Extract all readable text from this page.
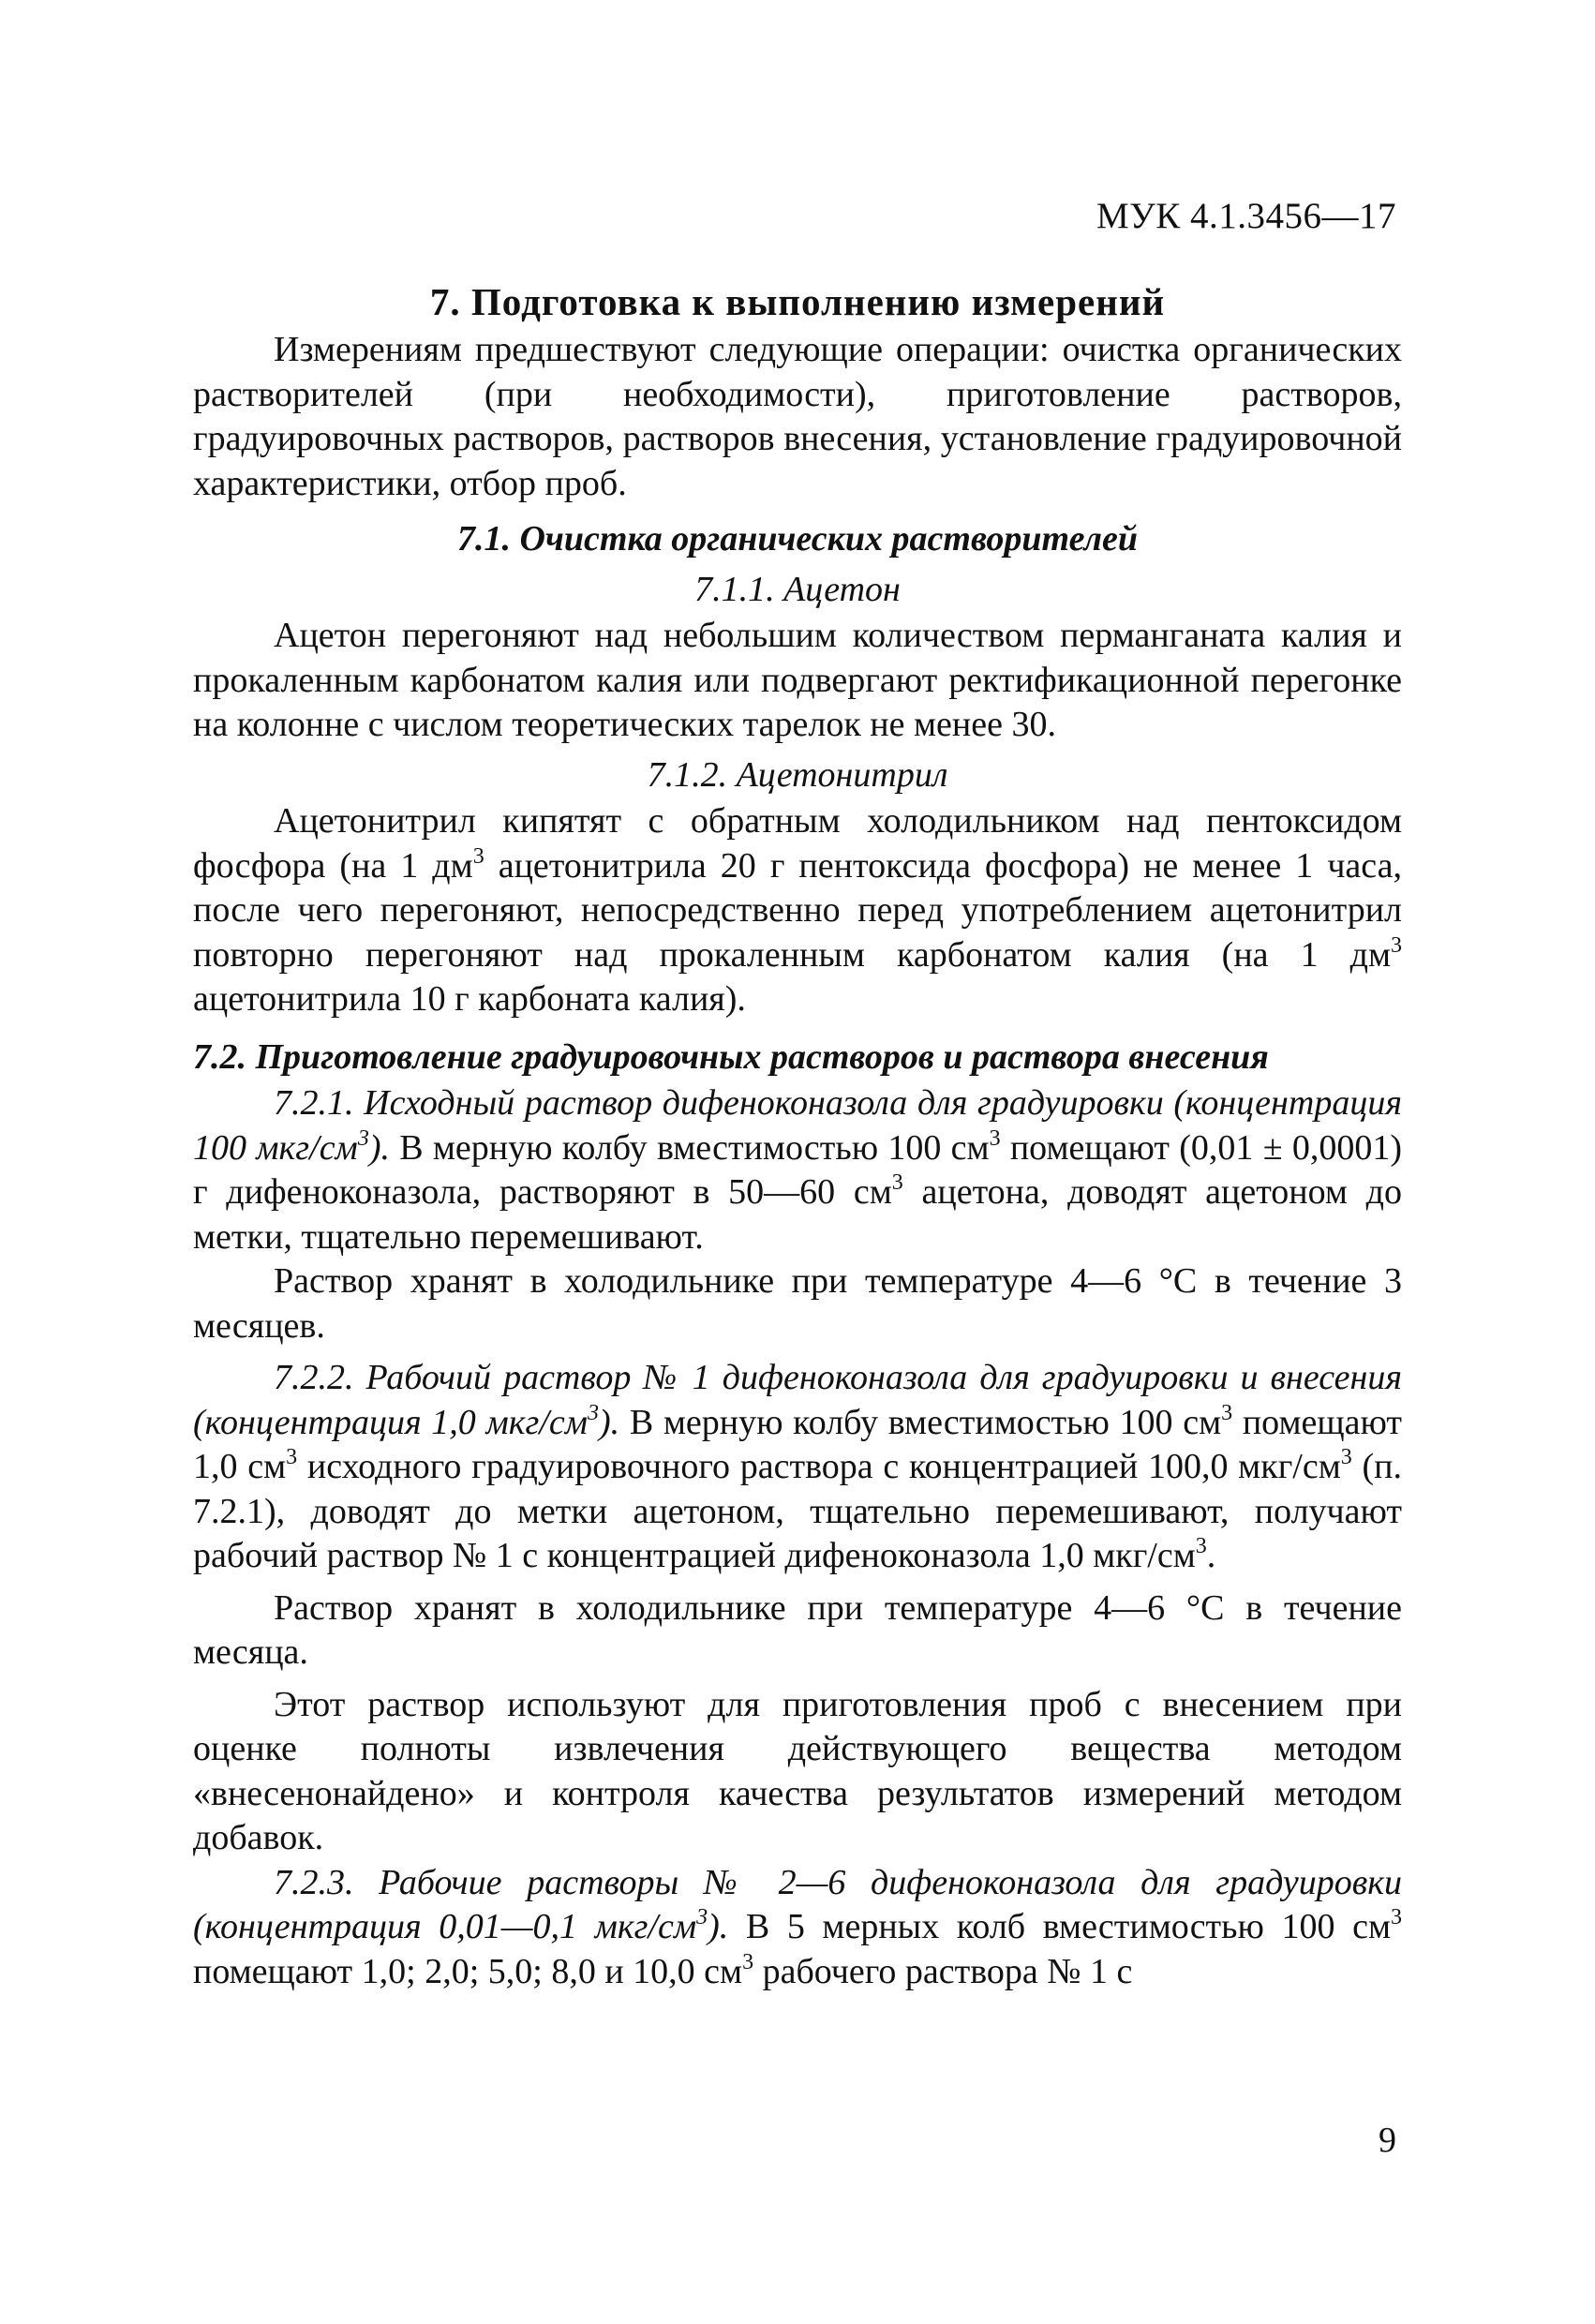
МУК 4.1.3456—17
7. Подготовка к выполнению измерений

Измерениям предшествуют следующие операции: очистка органических растворителей (при необходимости), приготовление растворов, градуировочных растворов, растворов внесения, установление градуировочной характеристики, отбор проб.

7.1. Очистка органических растворителей

7.1.1. Ацетон

Ацетон перегоняют над небольшим количеством перманганата калия и прокаленным карбонатом калия или подвергают ректификационной перегонке на колонне с числом теоретических тарелок не менее 30.

7.1.2. Ацетонитрил

Ацетонитрил кипятят с обратным холодильником над пентоксидом фосфора (на 1 $дм^3$ ацетонитрила 20 г пентоксида фосфора) не менее 1 часа, после чего перегоняют, непосредственно перед употреблением ацетонитрил повторно перегоняют над прокаленным карбонатом калия (на 1 $дм^3$ ацетонитрила 10 г карбоната калия).

7.2. Приготовление градуировочных растворов и раствора внесения

7.2.1. Исходный раствор дифеноконазола для градуировки (концентрация 100 мкг/$см^3$). В мерную колбу вместимостью 100 $см^3$ помещают (0,01 ± 0,0001) г дифеноконазола, растворяют в 50—60 $см^3$ ацетона, доводят ацетоном до метки, тщательно перемешивают.

Раствор хранят в холодильнике при температуре 4—6 °С в течение 3 месяцев.

7.2.2. Рабочий раствор № 1 дифеноконазола для градуировки и внесения (концентрация 1,0 мкг/$см^3$). В мерную колбу вместимостью 100 $см^3$ помещают 1,0 $см^3$ исходного градуировочного раствора с концентрацией 100,0 мкг/$см^3$ (п. 7.2.1), доводят до метки ацетоном, тщательно перемешивают, получают рабочий раствор № 1 с концентрацией дифеноконазола 1,0 мкг/$см^3$.

Раствор хранят в холодильнике при температуре 4—6 °С в течение месяца.

Этот раствор используют для приготовления проб с внесением при оценке полноты извлечения действующего вещества методом «внесенонайдено» и контроля качества результатов измерений методом добавок.

7.2.3. Рабочие растворы № 2—6 дифеноконазола для градуировки (концентрация 0,01—0,1 мкг/$см^3$). В 5 мерных колб вместимостью 100 $см^3$ помещают 1,0; 2,0; 5,0; 8,0 и 10,0 $см^3$ рабочего раствора № 1 с

9
